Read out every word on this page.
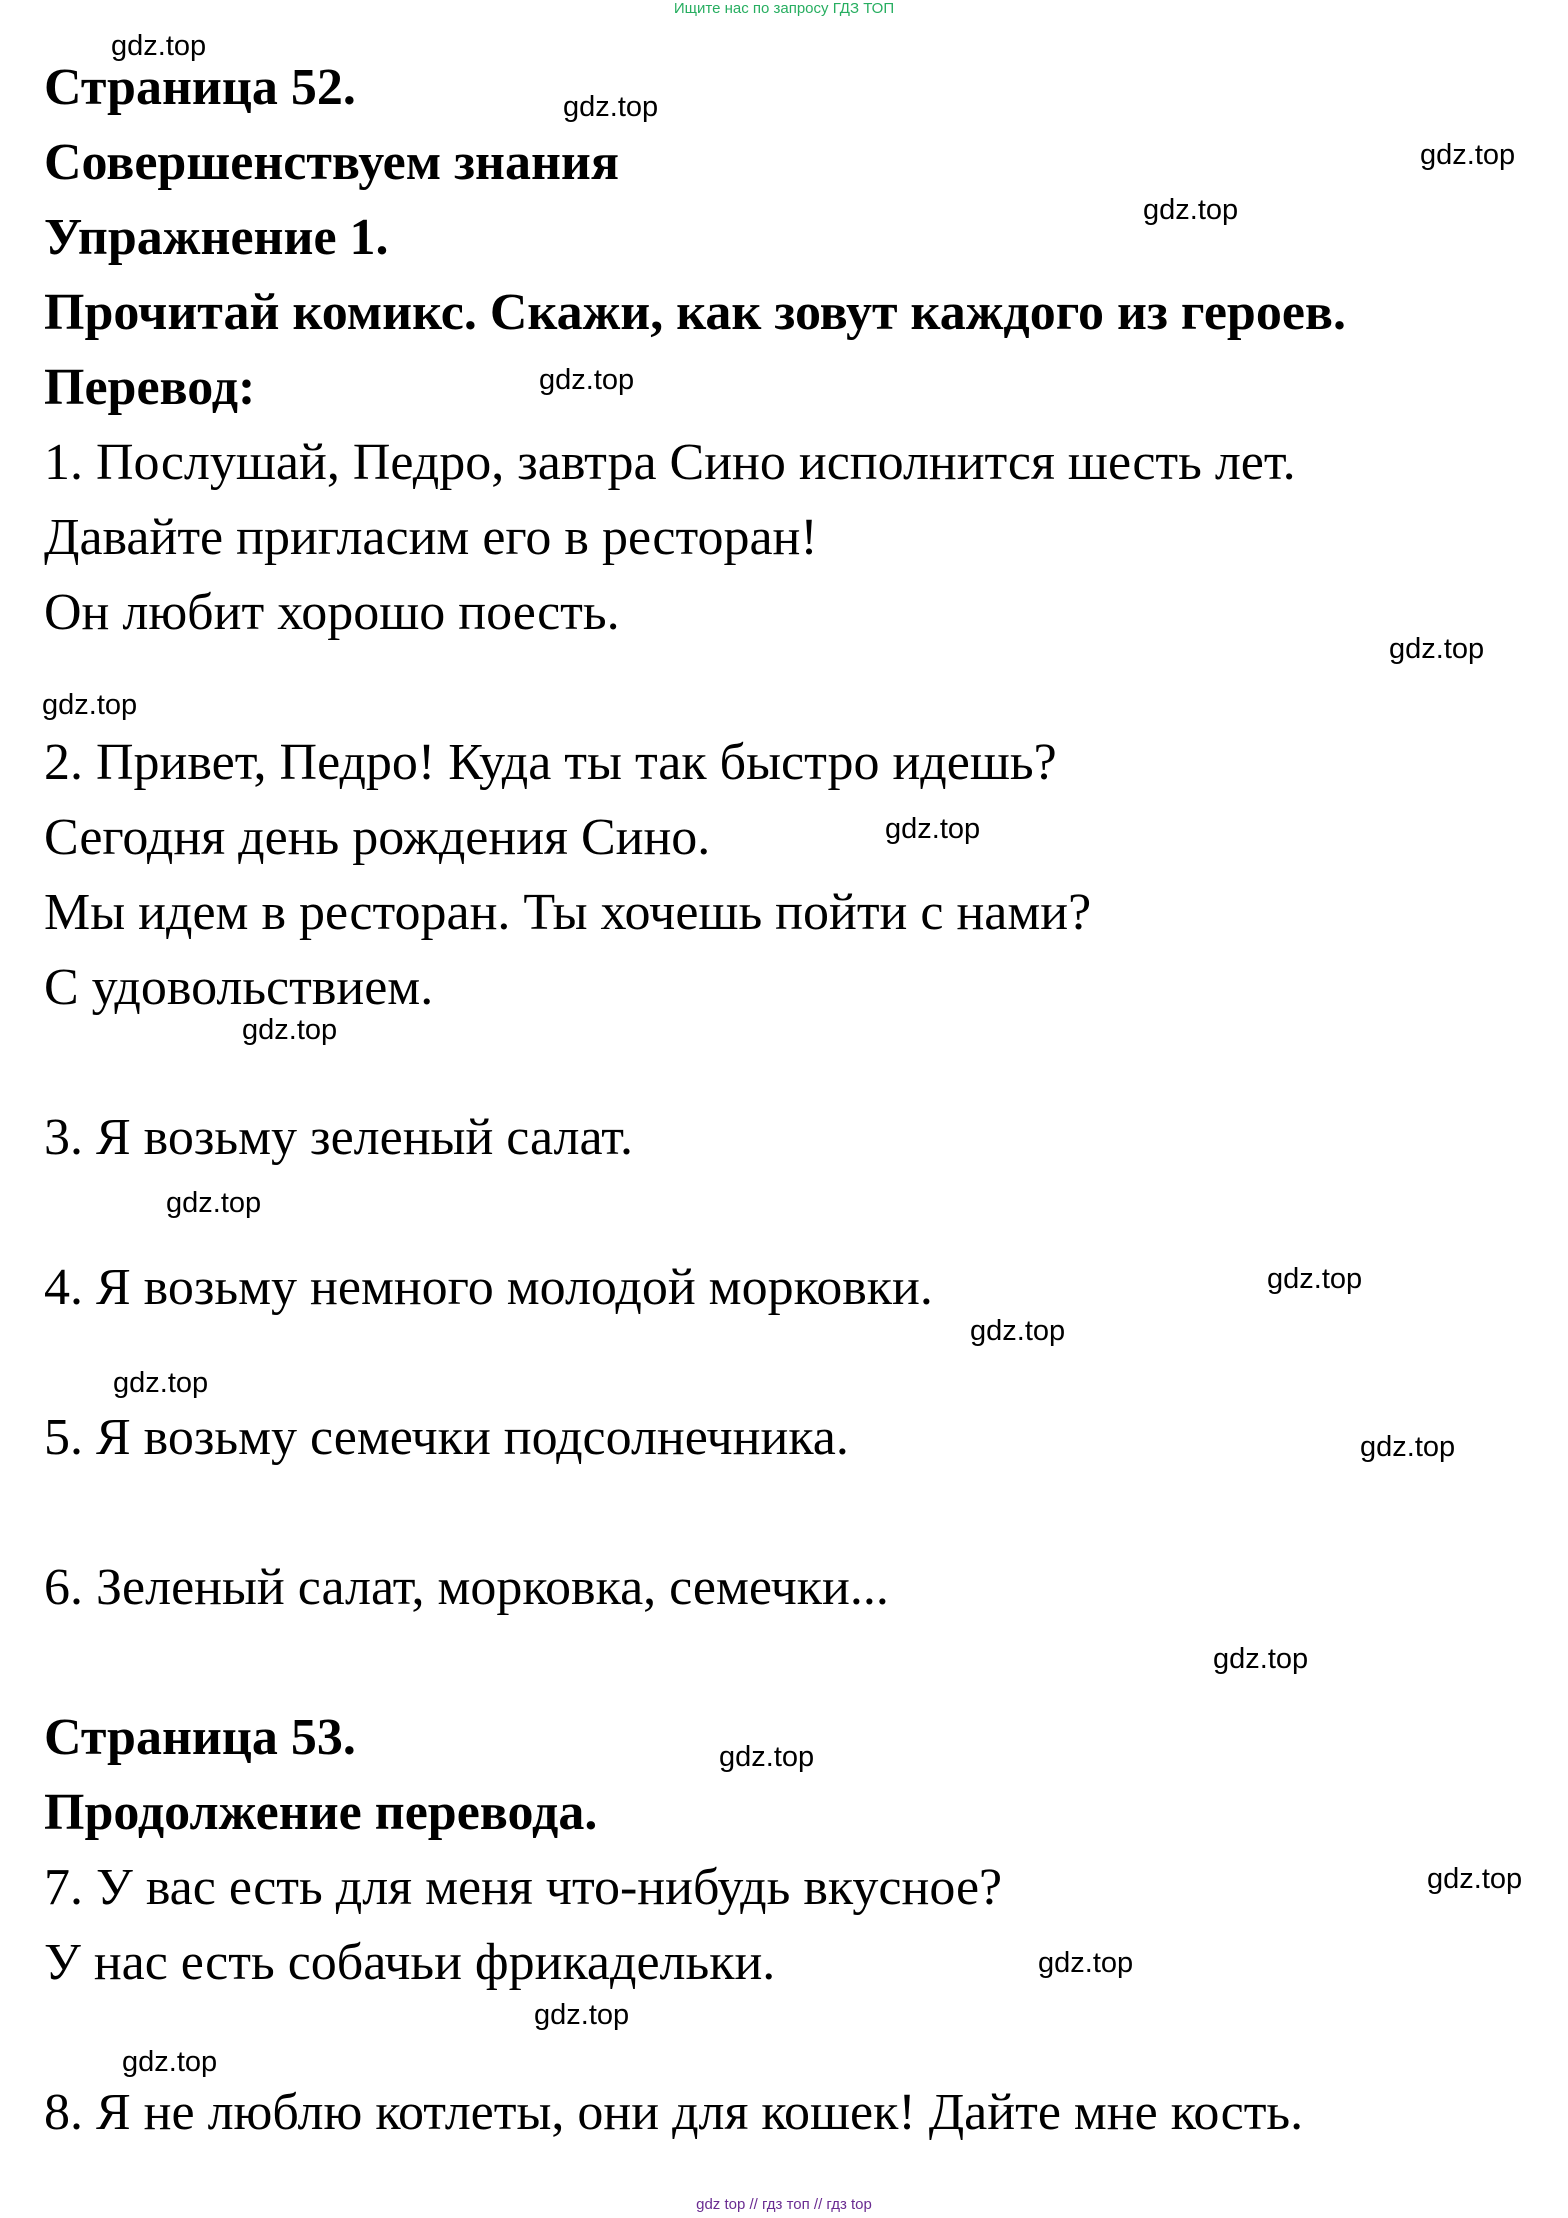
Ищите нас по запросу ГДЗ ТОП
Страница 52.
Совершенствуем знания
Упражнение 1.
Прочитай комикс. Скажи, как зовут каждого из героев.
Перевод:
1. Послушай, Педро, завтра Сино исполнится шесть лет.
Давайте пригласим его в ресторан!
Он любит хорошо поесть.
2. Привет, Педро! Куда ты так быстро идешь?
Сегодня день рождения Сино.
Мы идем в ресторан. Ты хочешь пойти с нами?
С удовольствием.
3. Я возьму зеленый салат.
4. Я возьму немного молодой морковки.
5. Я возьму семечки подсолнечника.
6. Зеленый салат, морковка, семечки...
Страница 53.
Продолжение перевода.
7. У вас есть для меня что-нибудь вкусное?
У нас есть собачьи фрикадельки.
8. Я не люблю котлеты, они для кошек! Дайте мне кость.
gdz.top
gdz.top
gdz.top
gdz.top
gdz.top
gdz.top
gdz.top
gdz.top
gdz.top
gdz.top
gdz.top
gdz.top
gdz.top
gdz.top
gdz.top
gdz.top
gdz.top
gdz.top
gdz.top
gdz.top
gdz top // гдз топ // гдз top
